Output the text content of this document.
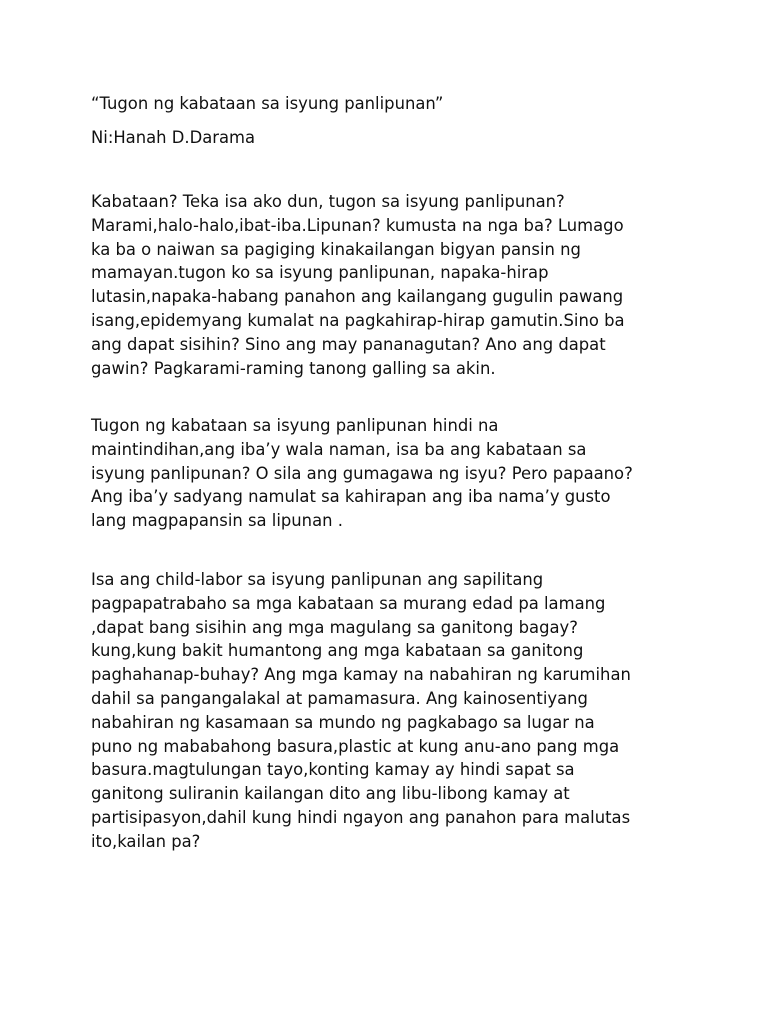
“Tugon ng kabataan sa isyung panlipunan”
Ni:Hanah D.Darama
Kabataan? Teka isa ako dun, tugon sa isyung panlipunan?
Marami,halo-halo,ibat-iba.Lipunan? kumusta na nga ba? Lumago
ka ba o naiwan sa pagiging kinakailangan bigyan pansin ng
mamayan.tugon ko sa isyung panlipunan, napaka-hirap
lutasin,napaka-habang panahon ang kailangang gugulin pawang
isang,epidemyang kumalat na pagkahirap-hirap gamutin.Sino ba
ang dapat sisihin? Sino ang may pananagutan? Ano ang dapat
gawin? Pagkarami-raming tanong galling sa akin.
Tugon ng kabataan sa isyung panlipunan hindi na
maintindihan,ang iba’y wala naman, isa ba ang kabataan sa
isyung panlipunan? O sila ang gumagawa ng isyu? Pero papaano?
Ang iba’y sadyang namulat sa kahirapan ang iba nama’y gusto
lang magpapansin sa lipunan .
Isa ang child-labor sa isyung panlipunan ang sapilitang
pagpapatrabaho sa mga kabataan sa murang edad pa lamang
,dapat bang sisihin ang mga magulang sa ganitong bagay?
kung,kung bakit humantong ang mga kabataan sa ganitong
paghahanap-buhay? Ang mga kamay na nabahiran ng karumihan
dahil sa pangangalakal at pamamasura. Ang kainosentiyang
nabahiran ng kasamaan sa mundo ng pagkabago sa lugar na
puno ng mababahong basura,plastic at kung anu-ano pang mga
basura.magtulungan tayo,konting kamay ay hindi sapat sa
ganitong suliranin kailangan dito ang libu-libong kamay at
partisipasyon,dahil kung hindi ngayon ang panahon para malutas
ito,kailan pa?
